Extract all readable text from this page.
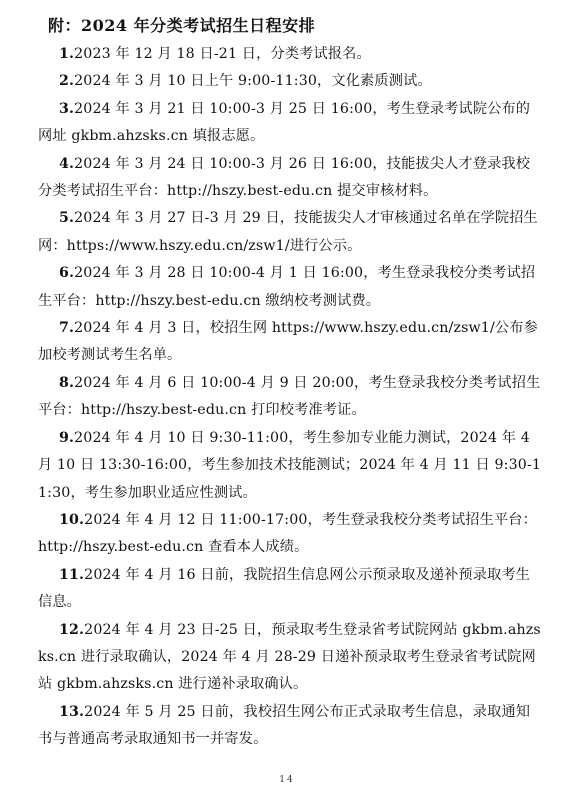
附：2024 年分类考试招生日程安排

1.2023 年 12 月 18 日-21 日，分类考试报名。

2.2024 年 3 月 10 日上午 9:00-11:30，文化素质测试。

3.2024 年 3 月 21 日 10:00-3 月 25 日 16:00，考生登录考试院公布的网址 gkbm.ahzsks.cn 填报志愿。

4.2024 年 3 月 24 日 10:00-3 月 26 日 16:00，技能拔尖人才登录我校分类考试招生平台：http://hszy.best-edu.cn 提交审核材料。

5.2024 年 3 月 27 日-3 月 29 日，技能拔尖人才审核通过名单在学院招生网：https://www.hszy.edu.cn/zsw1/进行公示。

6.2024 年 3 月 28 日 10:00-4 月 1 日 16:00，考生登录我校分类考试招生平台：http://hszy.best-edu.cn 缴纳校考测试费。

7.2024 年 4 月 3 日，校招生网 https://www.hszy.edu.cn/zsw1/公布参加校考测试考生名单。

8.2024 年 4 月 6 日 10:00-4 月 9 日 20:00，考生登录我校分类考试招生平台：http://hszy.best-edu.cn 打印校考准考证。

9.2024 年 4 月 10 日 9:30-11:00，考生参加专业能力测试，2024 年 4 月 10 日 13:30-16:00，考生参加技术技能测试；2024 年 4 月 11 日 9:30-11:30，考生参加职业适应性测试。

10.2024 年 4 月 12 日 11:00-17:00，考生登录我校分类考试招生平台：http://hszy.best-edu.cn 查看本人成绩。

11.2024 年 4 月 16 日前，我院招生信息网公示预录取及递补预录取考生信息。

12.2024 年 4 月 23 日-25 日，预录取考生登录省考试院网站 gkbm.ahzsks.cn 进行录取确认，2024 年 4 月 28-29 日递补预录取考生登录省考试院网站 gkbm.ahzsks.cn 进行递补录取确认。

13.2024 年 5 月 25 日前，我校招生网公布正式录取考生信息，录取通知书与普通高考录取通知书一并寄发。

14
